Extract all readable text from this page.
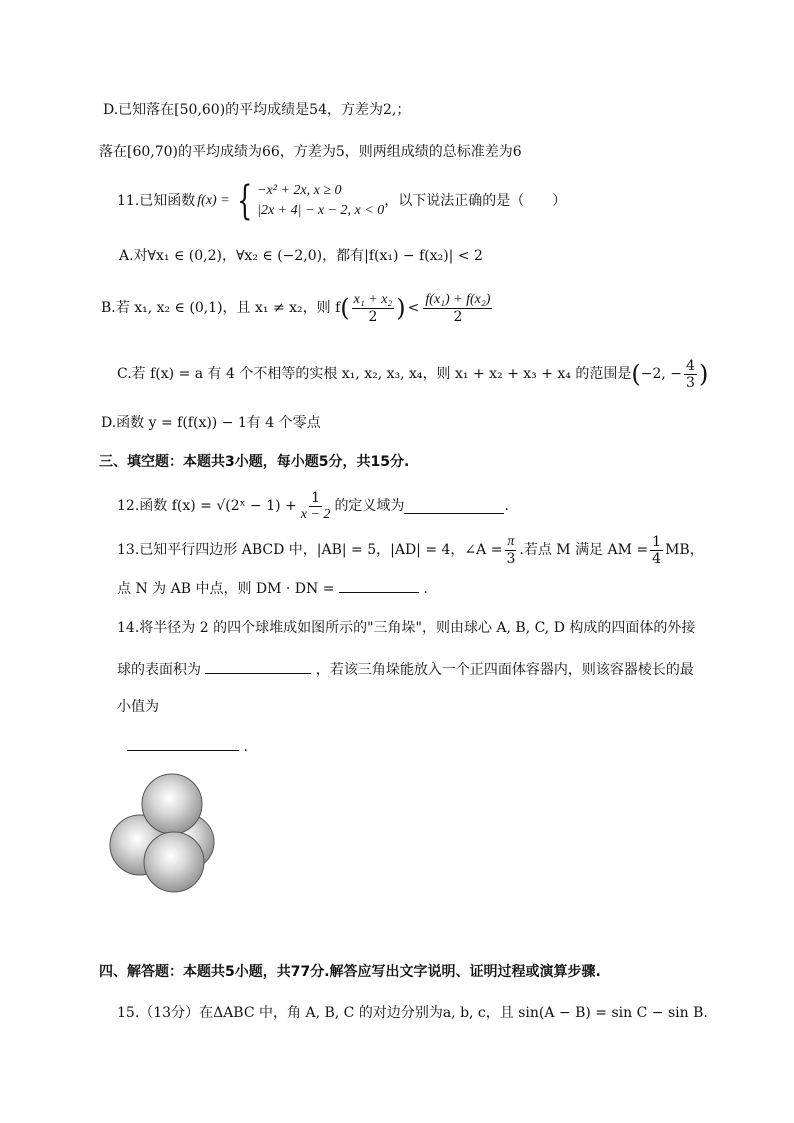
D.已知落在[50,60)的平均成绩是54，方差为2,；
落在[60,70)的平均成绩为66，方差为5，则两组成绩的总标准差为6
11.已知函数 f(x) = { −x² + 2x, x ≥ 0
|2x + 4| − x − 2, x < 0
，以下说法正确的是（　　）
A.对∀x₁ ∈ (0,2)，∀x₂ ∈ (−2,0)，都有|f(x₁) − f(x₂)| < 2
B.若 x₁, x₂ ∈ (0,1)，且 x₁ ≠ x₂，则 f ( $\frac{\text{x₁ + x₂}}{2}$ ) < $\frac{\text{f(x₁) + f(x₂)}}{2}$
C.若 f(x) = a 有 4 个不相等的实根 x₁, x₂, x₃, x₄，则 x₁ + x₂ + x₃ + x₄ 的范围是 ( −2, − $\frac{4}{3}$ )
D.函数 y = f(f(x)) − 1有 4 个零点
三、填空题：本题共3小题，每小题5分，共15分.
12.函数 f(x) = √(2ˣ − $1) + \frac{1}{x - 2}$ 的定义域为	.
13.已知平行四边形 ABCD 中，|AB| = 5，|AD| = 4，∠A = $\frac{\pi}{3}$ .若点 M 满足 AM = $\frac{1}{4}$ MB，
点 N 为 AB 中点，则 DM · DN =	.
14.将半径为 2 的四个球堆成如图所示的"三角垛"，则由球心 A, B, C, D 构成的四面体的外接
球的表面积为	，若该三角垛能放入一个正四面体容器内，则该容器棱长的最
小值为
.
四、解答题：本题共5小题，共77分.解答应写出文字说明、证明过程或演算步骤.
15.（13分）在ΔABC 中，角 A, B, C 的对边分别为a, b, c，且 sin(A − B) = sin C − sin B.
